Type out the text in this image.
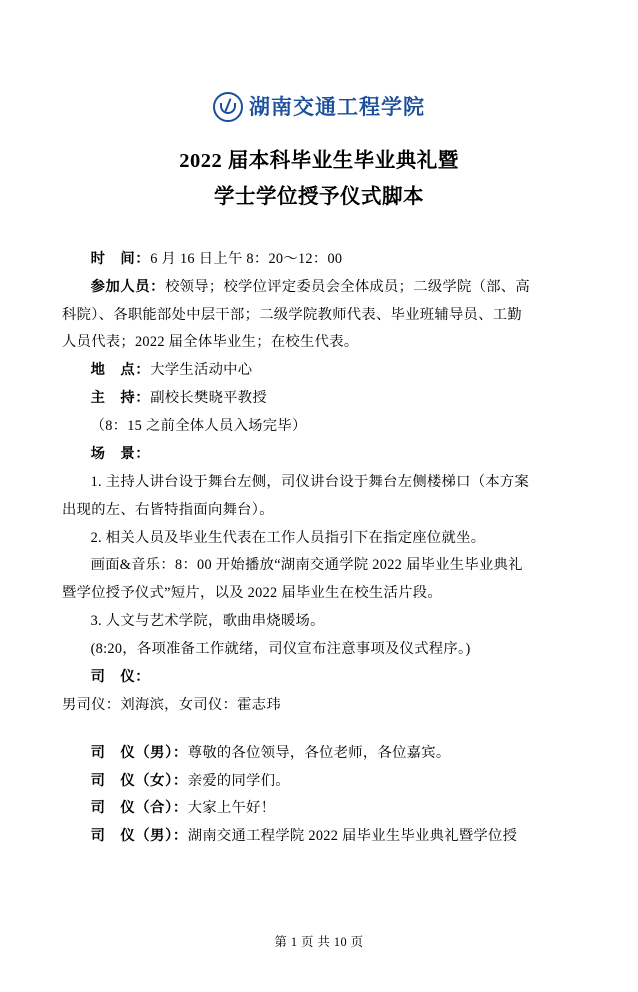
湖南交通工程学院
2022 届本科毕业生毕业典礼暨
学士学位授予仪式脚本
时　间：6 月 16 日上午 8：20～12：00
参加人员：校领导；校学位评定委员会全体成员；二级学院（部、高
科院）、各职能部处中层干部；二级学院教师代表、毕业班辅导员、工勤
人员代表；2022 届全体毕业生；在校生代表。
地　点：大学生活动中心
主　持：副校长樊晓平教授
（8：15 之前全体人员入场完毕）
场　景：
1. 主持人讲台设于舞台左侧，司仪讲台设于舞台左侧楼梯口（本方案
出现的左、右皆特指面向舞台）。
2. 相关人员及毕业生代表在工作人员指引下在指定座位就坐。
画面&音乐：8：00 开始播放“湖南交通学院 2022 届毕业生毕业典礼
暨学位授予仪式”短片，以及 2022 届毕业生在校生活片段。
3. 人文与艺术学院，歌曲串烧暖场。
(8:20，各项准备工作就绪，司仪宣布注意事项及仪式程序。)
司　仪：
男司仪：刘海滨，女司仪：霍志玮
司　仪（男）：尊敬的各位领导，各位老师，各位嘉宾。
司　仪（女）：亲爱的同学们。
司　仪（合）：大家上午好！
司　仪（男）：湖南交通工程学院 2022 届毕业生毕业典礼暨学位授
第 1 页 共 10 页
